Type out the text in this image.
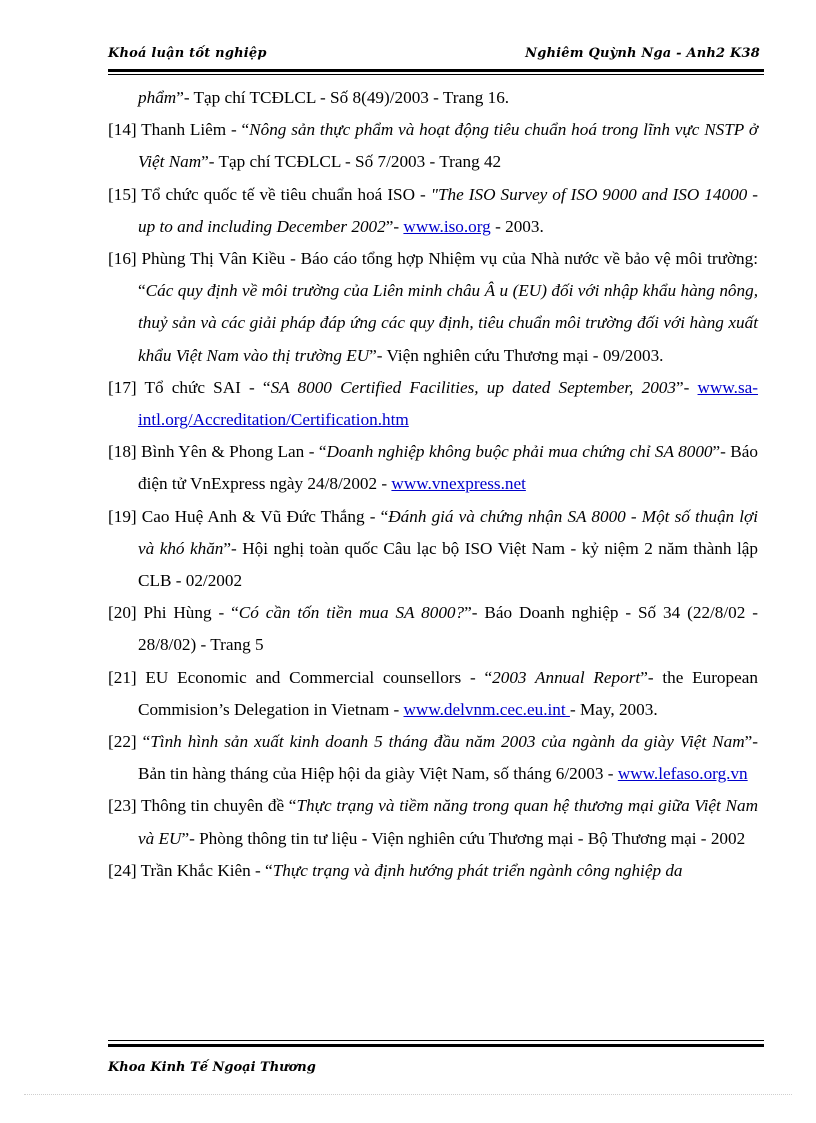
Khoá luận tốt nghiệp	Nghiêm Quỳnh Nga - Anh2 K38

phẩm”- Tạp chí TCĐLCL - Số 8(49)/2003 - Trang 16.

[14] Thanh Liêm - “Nông sản thực phẩm và hoạt động tiêu chuẩn hoá trong lĩnh vực NSTP ở Việt Nam”- Tạp chí TCĐLCL - Số 7/2003 - Trang 42

[15] Tổ chức quốc tế về tiêu chuẩn hoá ISO - "The ISO Survey of ISO 9000 and ISO 14000 - up to and including December 2002”- www.iso.org - 2003.

[16] Phùng Thị Vân Kiều - Báo cáo tổng hợp Nhiệm vụ của Nhà nước về bảo vệ môi trường: “Các quy định về môi trường của Liên minh châu Â u (EU) đối với nhập khẩu hàng nông, thuỷ sản và các giải pháp đáp ứng các quy định, tiêu chuẩn môi trường đối với hàng xuất khẩu Việt Nam vào thị trường EU”- Viện nghiên cứu Thương mại - 09/2003.

[17] Tổ chức SAI - “SA 8000 Certified Facilities, up dated September, 2003”- www.sa-intl.org/Accreditation/Certification.htm

[18] Bình Yên & Phong Lan - “Doanh nghiệp không buộc phải mua chứng chỉ SA 8000”- Báo điện tử VnExpress ngày 24/8/2002 - www.vnexpress.net

[19] Cao Huệ Anh & Vũ Đức Thắng - “Đánh giá và chứng nhận SA 8000 - Một số thuận lợi và khó khăn”- Hội nghị toàn quốc Câu lạc bộ ISO Việt Nam - kỷ niệm 2 năm thành lập CLB - 02/2002

[20] Phi Hùng - “Có cần tốn tiền mua SA 8000?”- Báo Doanh nghiệp - Số 34 (22/8/02 - 28/8/02) - Trang 5

[21] EU Economic and Commercial counsellors - “2003 Annual Report”- the European Commision’s Delegation in Vietnam - www.delvnm.cec.eu.int - May, 2003.

[22] “Tình hình sản xuất kinh doanh 5 tháng đầu năm 2003 của ngành da giày Việt Nam”- Bản tin hàng tháng của Hiệp hội da giày Việt Nam, số tháng 6/2003 - www.lefaso.org.vn

[23] Thông tin chuyên đề “Thực trạng và tiềm năng trong quan hệ thương mại giữa Việt Nam và EU”- Phòng thông tin tư liệu - Viện nghiên cứu Thương mại - Bộ Thương mại - 2002

[24] Trần Khắc Kiên - “Thực trạng và định hướng phát triển ngành công nghiệp da

Khoa Kinh Tế Ngoại Thương
